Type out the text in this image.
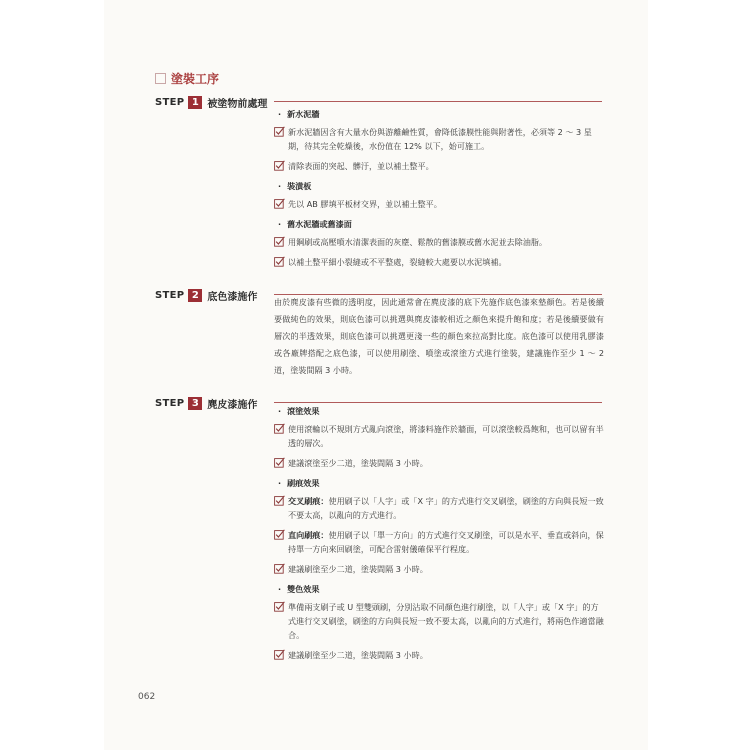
塗裝工序
STEP 1 被塗物前處理

· 新水泥牆

新水泥牆因含有大量水份與游離鹼性質，會降低漆膜性能與附著性，必須等 2 ～ 3 星期，待其完全乾燥後，水份值在 12% 以下，始可施工。
清除表面的突起、髒汙，並以補土整平。

· 裝潢板

先以 AB 膠填平板材交界，並以補土整平。

· 舊水泥牆或舊漆面

用鋼刷或高壓噴水清潔表面的灰塵、鬆散的舊漆膜或舊水泥並去除油脂。
以補土整平細小裂縫或不平整處，裂縫較大處要以水泥填補。
STEP 2 底色漆施作 由於麂皮漆有些微的透明度，因此通常會在麂皮漆的底下先施作底色漆來墊顏色。若是後續要做純色的效果，則底色漆可以挑選與麂皮漆較相近之顏色來提升飽和度；若是後續要做有層次的半透效果，則底色漆可以挑選更淺一些的顏色來拉高對比度。底色漆可以使用乳膠漆或各廠牌搭配之底色漆，可以使用刷塗、噴塗或滾塗方式進行塗裝，建議施作至少 1 ～ 2 道，塗裝間隔 3 小時。

STEP 3 麂皮漆施作

·	滾塗效果

使用滾輪以不規則方式亂向滾塗，將漆料施作於牆面，可以滾塗較爲飽和，也可以留有半透的層次。
建議滾塗至少二道，塗裝間隔 3 小時。

· 刷痕效果

交叉刷痕：使用刷子以「人字」或「X 字」的方式進行交叉刷塗，刷塗的方向與長短一致不要太高，以亂向的方式進行。
直向刷痕：使用刷子以「單一方向」的方式進行交叉刷塗，可以是水平、垂直或斜向，保持單一方向來回刷塗，可配合雷射儀確保平行程度。
建議刷塗至少二道，塗裝間隔 3 小時。

· 雙色效果

準備兩支刷子或 U 型雙頭刷，分別沾取不同顏色進行刷塗，以「人字」或「X 字」的方式進行交叉刷塗，刷塗的方向與長短一致不要太高，以亂向的方式進行，將兩色作適當融合。
建議刷塗至少二道，塗裝間隔 3 小時。
062
